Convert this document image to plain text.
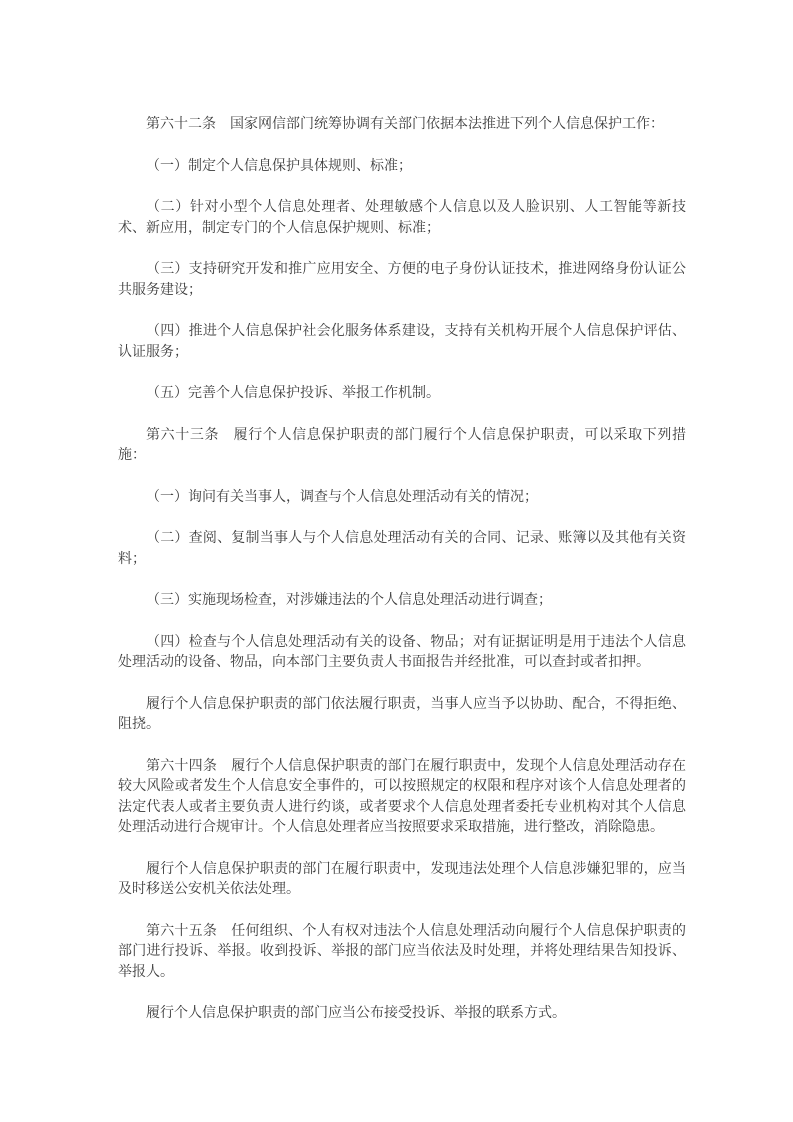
第六十二条　国家网信部门统筹协调有关部门依据本法推进下列个人信息保护工作：

（一）制定个人信息保护具体规则、标准；

（二）针对小型个人信息处理者、处理敏感个人信息以及人脸识别、人工智能等新技术、新应用，制定专门的个人信息保护规则、标准；

（三）支持研究开发和推广应用安全、方便的电子身份认证技术，推进网络身份认证公共服务建设；

（四）推进个人信息保护社会化服务体系建设，支持有关机构开展个人信息保护评估、认证服务；

（五）完善个人信息保护投诉、举报工作机制。

第六十三条　履行个人信息保护职责的部门履行个人信息保护职责，可以采取下列措施：

（一）询问有关当事人，调查与个人信息处理活动有关的情况；

（二）查阅、复制当事人与个人信息处理活动有关的合同、记录、账簿以及其他有关资料；

（三）实施现场检查，对涉嫌违法的个人信息处理活动进行调查；

（四）检查与个人信息处理活动有关的设备、物品；对有证据证明是用于违法个人信息处理活动的设备、物品，向本部门主要负责人书面报告并经批准，可以查封或者扣押。

履行个人信息保护职责的部门依法履行职责，当事人应当予以协助、配合，不得拒绝、阻挠。

第六十四条　履行个人信息保护职责的部门在履行职责中，发现个人信息处理活动存在较大风险或者发生个人信息安全事件的，可以按照规定的权限和程序对该个人信息处理者的法定代表人或者主要负责人进行约谈，或者要求个人信息处理者委托专业机构对其个人信息处理活动进行合规审计。个人信息处理者应当按照要求采取措施，进行整改，消除隐患。

履行个人信息保护职责的部门在履行职责中，发现违法处理个人信息涉嫌犯罪的，应当及时移送公安机关依法处理。

第六十五条　任何组织、个人有权对违法个人信息处理活动向履行个人信息保护职责的部门进行投诉、举报。收到投诉、举报的部门应当依法及时处理，并将处理结果告知投诉、举报人。

履行个人信息保护职责的部门应当公布接受投诉、举报的联系方式。
